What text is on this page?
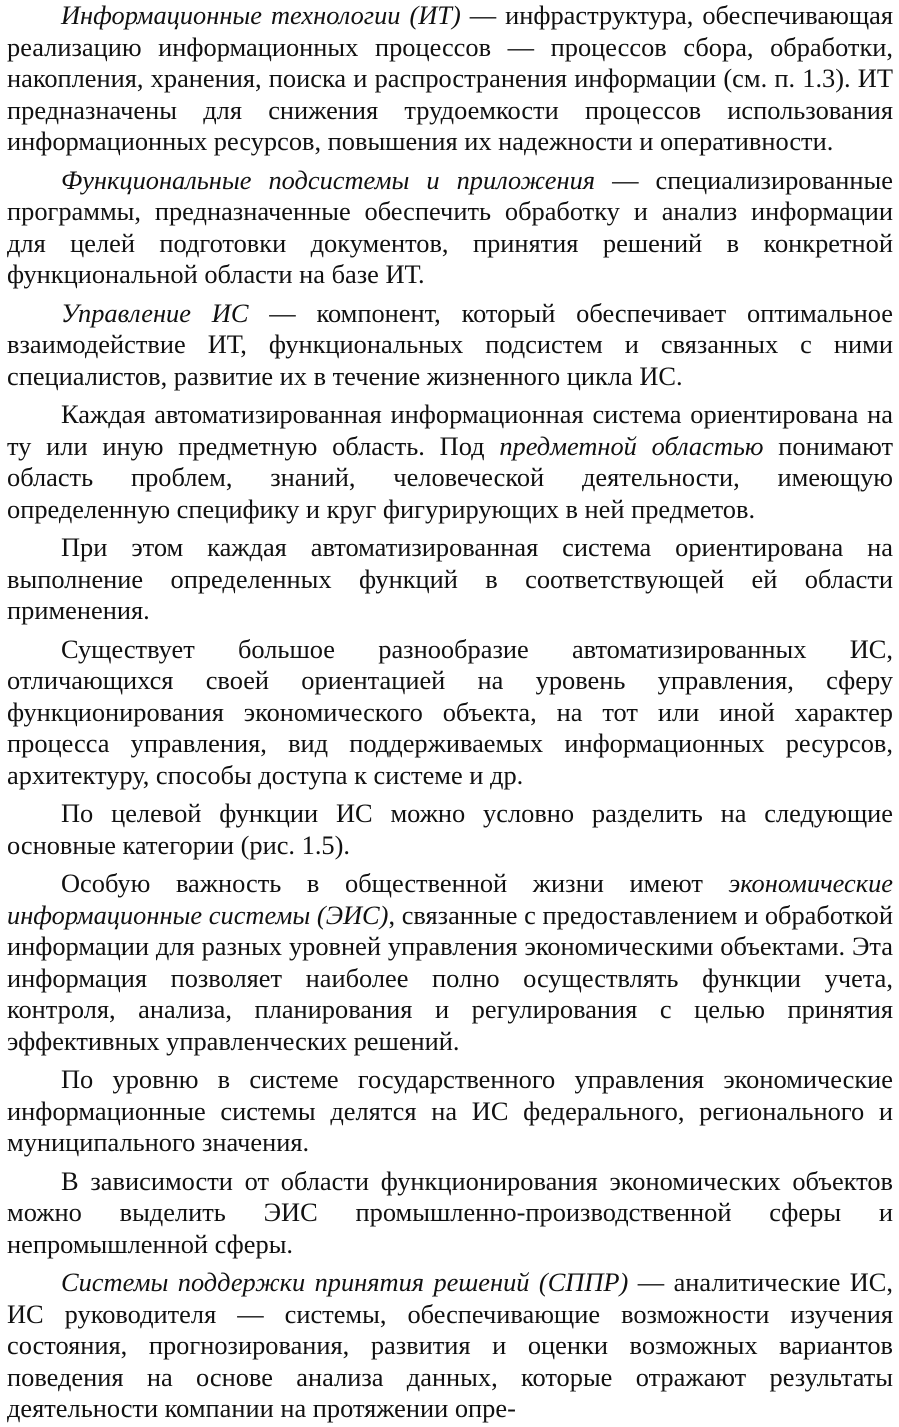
Информационные технологии (ИТ) — инфраструктура, обеспечивающая реализацию информационных процессов — процессов сбора, обработки, накопления, хранения, поиска и распространения информации (см. п. 1.3). ИТ предназначены для снижения трудоемкости процессов использования информационных ресурсов, повышения их надежности и оперативности.

Функциональные подсистемы и приложения — специализированные программы, предназначенные обеспечить обработку и анализ информации для целей подготовки документов, принятия решений в конкретной функциональной области на базе ИТ.

Управление ИС — компонент, который обеспечивает оптимальное взаимодействие ИТ, функциональных подсистем и связанных с ними специалистов, развитие их в течение жизненного цикла ИС.

Каждая автоматизированная информационная система ориентирована на ту или иную предметную область. Под предметной областью понимают область проблем, знаний, человеческой деятельности, имеющую определенную специфику и круг фигурирующих в ней предметов.

При этом каждая автоматизированная система ориентирована на выполнение определенных функций в соответствующей ей области применения.

Существует большое разнообразие автоматизированных ИС, отличающихся своей ориентацией на уровень управления, сферу функционирования экономического объекта, на тот или иной характер процесса управления, вид поддерживаемых информационных ресурсов, архитектуру, способы доступа к системе и др.

По целевой функции ИС можно условно разделить на следующие основные категории (рис. 1.5).

Особую важность в общественной жизни имеют экономические информационные системы (ЭИС), связанные с предоставлением и обработкой информации для разных уровней управления экономическими объектами. Эта информация позволяет наиболее полно осуществлять функции учета, контроля, анализа, планирования и регулирования с целью принятия эффективных управленческих решений.

По уровню в системе государственного управления экономические информационные системы делятся на ИС федерального, регионального и муниципального значения.

В зависимости от области функционирования экономических объектов можно выделить ЭИС промышленно-производственной сферы и непромышленной сферы.

Системы поддержки принятия решений (СППР) — аналитические ИС, ИС руководителя — системы, обеспечивающие возможности изучения состояния, прогнозирования, развития и оценки возможных вариантов поведения на основе анализа данных, которые отражают результаты деятельности компании на протяжении опре-
